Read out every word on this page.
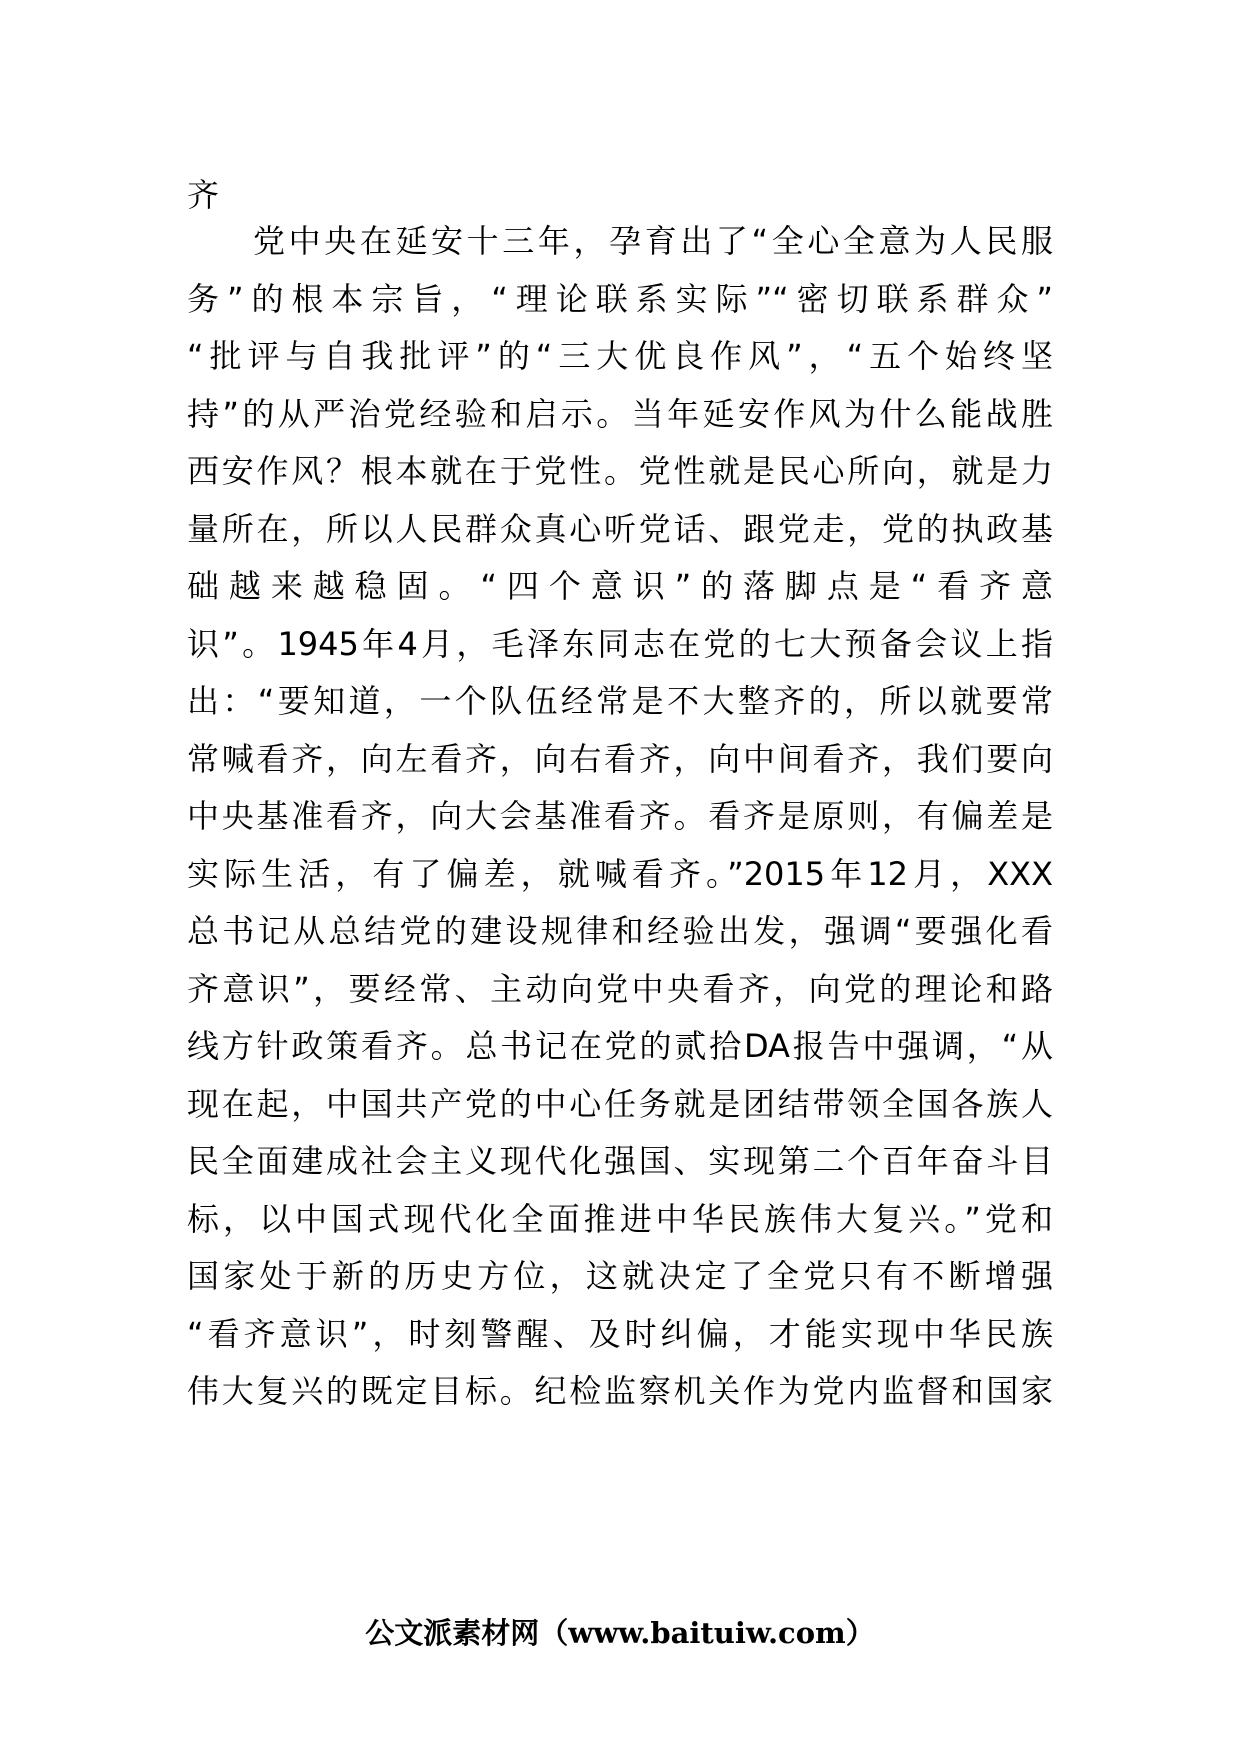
齐
党中央在延安十三年，孕育出了“全心全意为人民服
务”的根本宗旨，“理论联系实际”“密切联系群众”
“批评与自我批评”的“三大优良作风”，“五个始终坚
持”的从严治党经验和启示。当年延安作风为什么能战胜
西安作风？根本就在于党性。党性就是民心所向，就是力
量所在，所以人民群众真心听党话、跟党走，党的执政基
础越来越稳固。“四个意识”的落脚点是“看齐意
识”。1945年4月，毛泽东同志在党的七大预备会议上指
出：“要知道，一个队伍经常是不大整齐的，所以就要常
常喊看齐，向左看齐，向右看齐，向中间看齐，我们要向
中央基准看齐，向大会基准看齐。看齐是原则，有偏差是
实际生活，有了偏差，就喊看齐。”2015年12月，XXX
总书记从总结党的建设规律和经验出发，强调“要强化看
齐意识”，要经常、主动向党中央看齐，向党的理论和路
线方针政策看齐。总书记在党的贰拾DA报告中强调，“从
现在起，中国共产党的中心任务就是团结带领全国各族人
民全面建成社会主义现代化强国、实现第二个百年奋斗目
标，以中国式现代化全面推进中华民族伟大复兴。”党和
国家处于新的历史方位，这就决定了全党只有不断增强
“看齐意识”，时刻警醒、及时纠偏，才能实现中华民族
伟大复兴的既定目标。纪检监察机关作为党内监督和国家
公文派素材网（www.baituiw.com）
